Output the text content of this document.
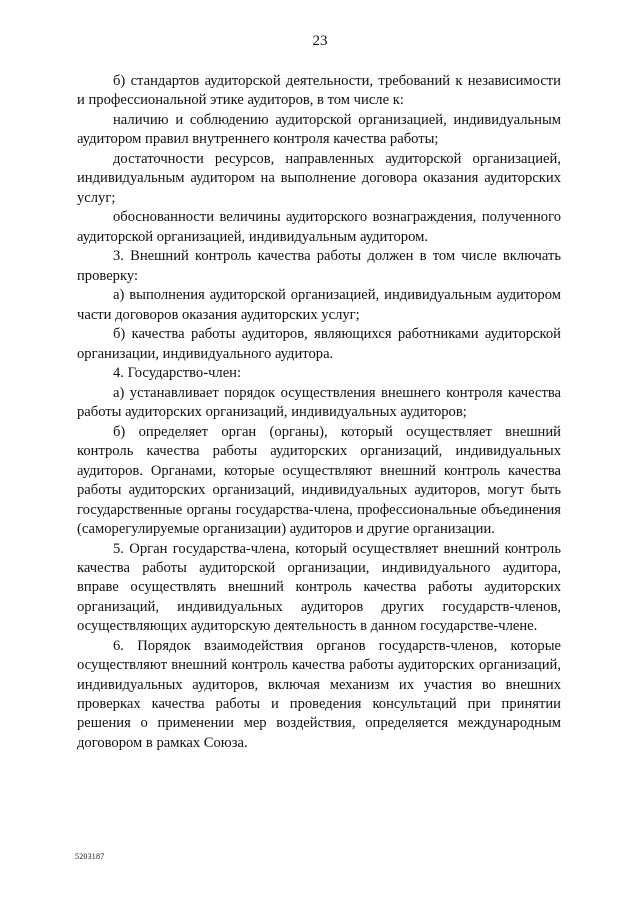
23

б) стандартов аудиторской деятельности, требований к независимости и профессиональной этике аудиторов, в том числе к:

наличию и соблюдению аудиторской организацией, индивидуальным аудитором правил внутреннего контроля качества работы;

достаточности ресурсов, направленных аудиторской организацией, индивидуальным аудитором на выполнение договора оказания аудиторских услуг;

обоснованности величины аудиторского вознаграждения, полученного аудиторской организацией, индивидуальным аудитором.

3. Внешний контроль качества работы должен в том числе включать проверку:

а) выполнения аудиторской организацией, индивидуальным аудитором части договоров оказания аудиторских услуг;

б) качества работы аудиторов, являющихся работниками аудиторской организации, индивидуального аудитора.

4. Государство-член:

а) устанавливает порядок осуществления внешнего контроля качества работы аудиторских организаций, индивидуальных аудиторов;

б) определяет орган (органы), который осуществляет внешний контроль качества работы аудиторских организаций, индивидуальных аудиторов. Органами, которые осуществляют внешний контроль качества работы аудиторских организаций, индивидуальных аудиторов, могут быть государственные органы государства-члена, профессиональные объединения (саморегулируемые организации) аудиторов и другие организации.

5. Орган государства-члена, который осуществляет внешний контроль качества работы аудиторской организации, индивидуального аудитора, вправе осуществлять внешний контроль качества работы аудиторских организаций, индивидуальных аудиторов других государств-членов, осуществляющих аудиторскую деятельность в данном государстве-члене.

6. Порядок взаимодействия органов государств-членов, которые осуществляют внешний контроль качества работы аудиторских организаций, индивидуальных аудиторов, включая механизм их участия во внешних проверках качества работы и проведения консультаций при принятии решения о применении мер воздействия, определяется международным договором в рамках Союза.

5203187
